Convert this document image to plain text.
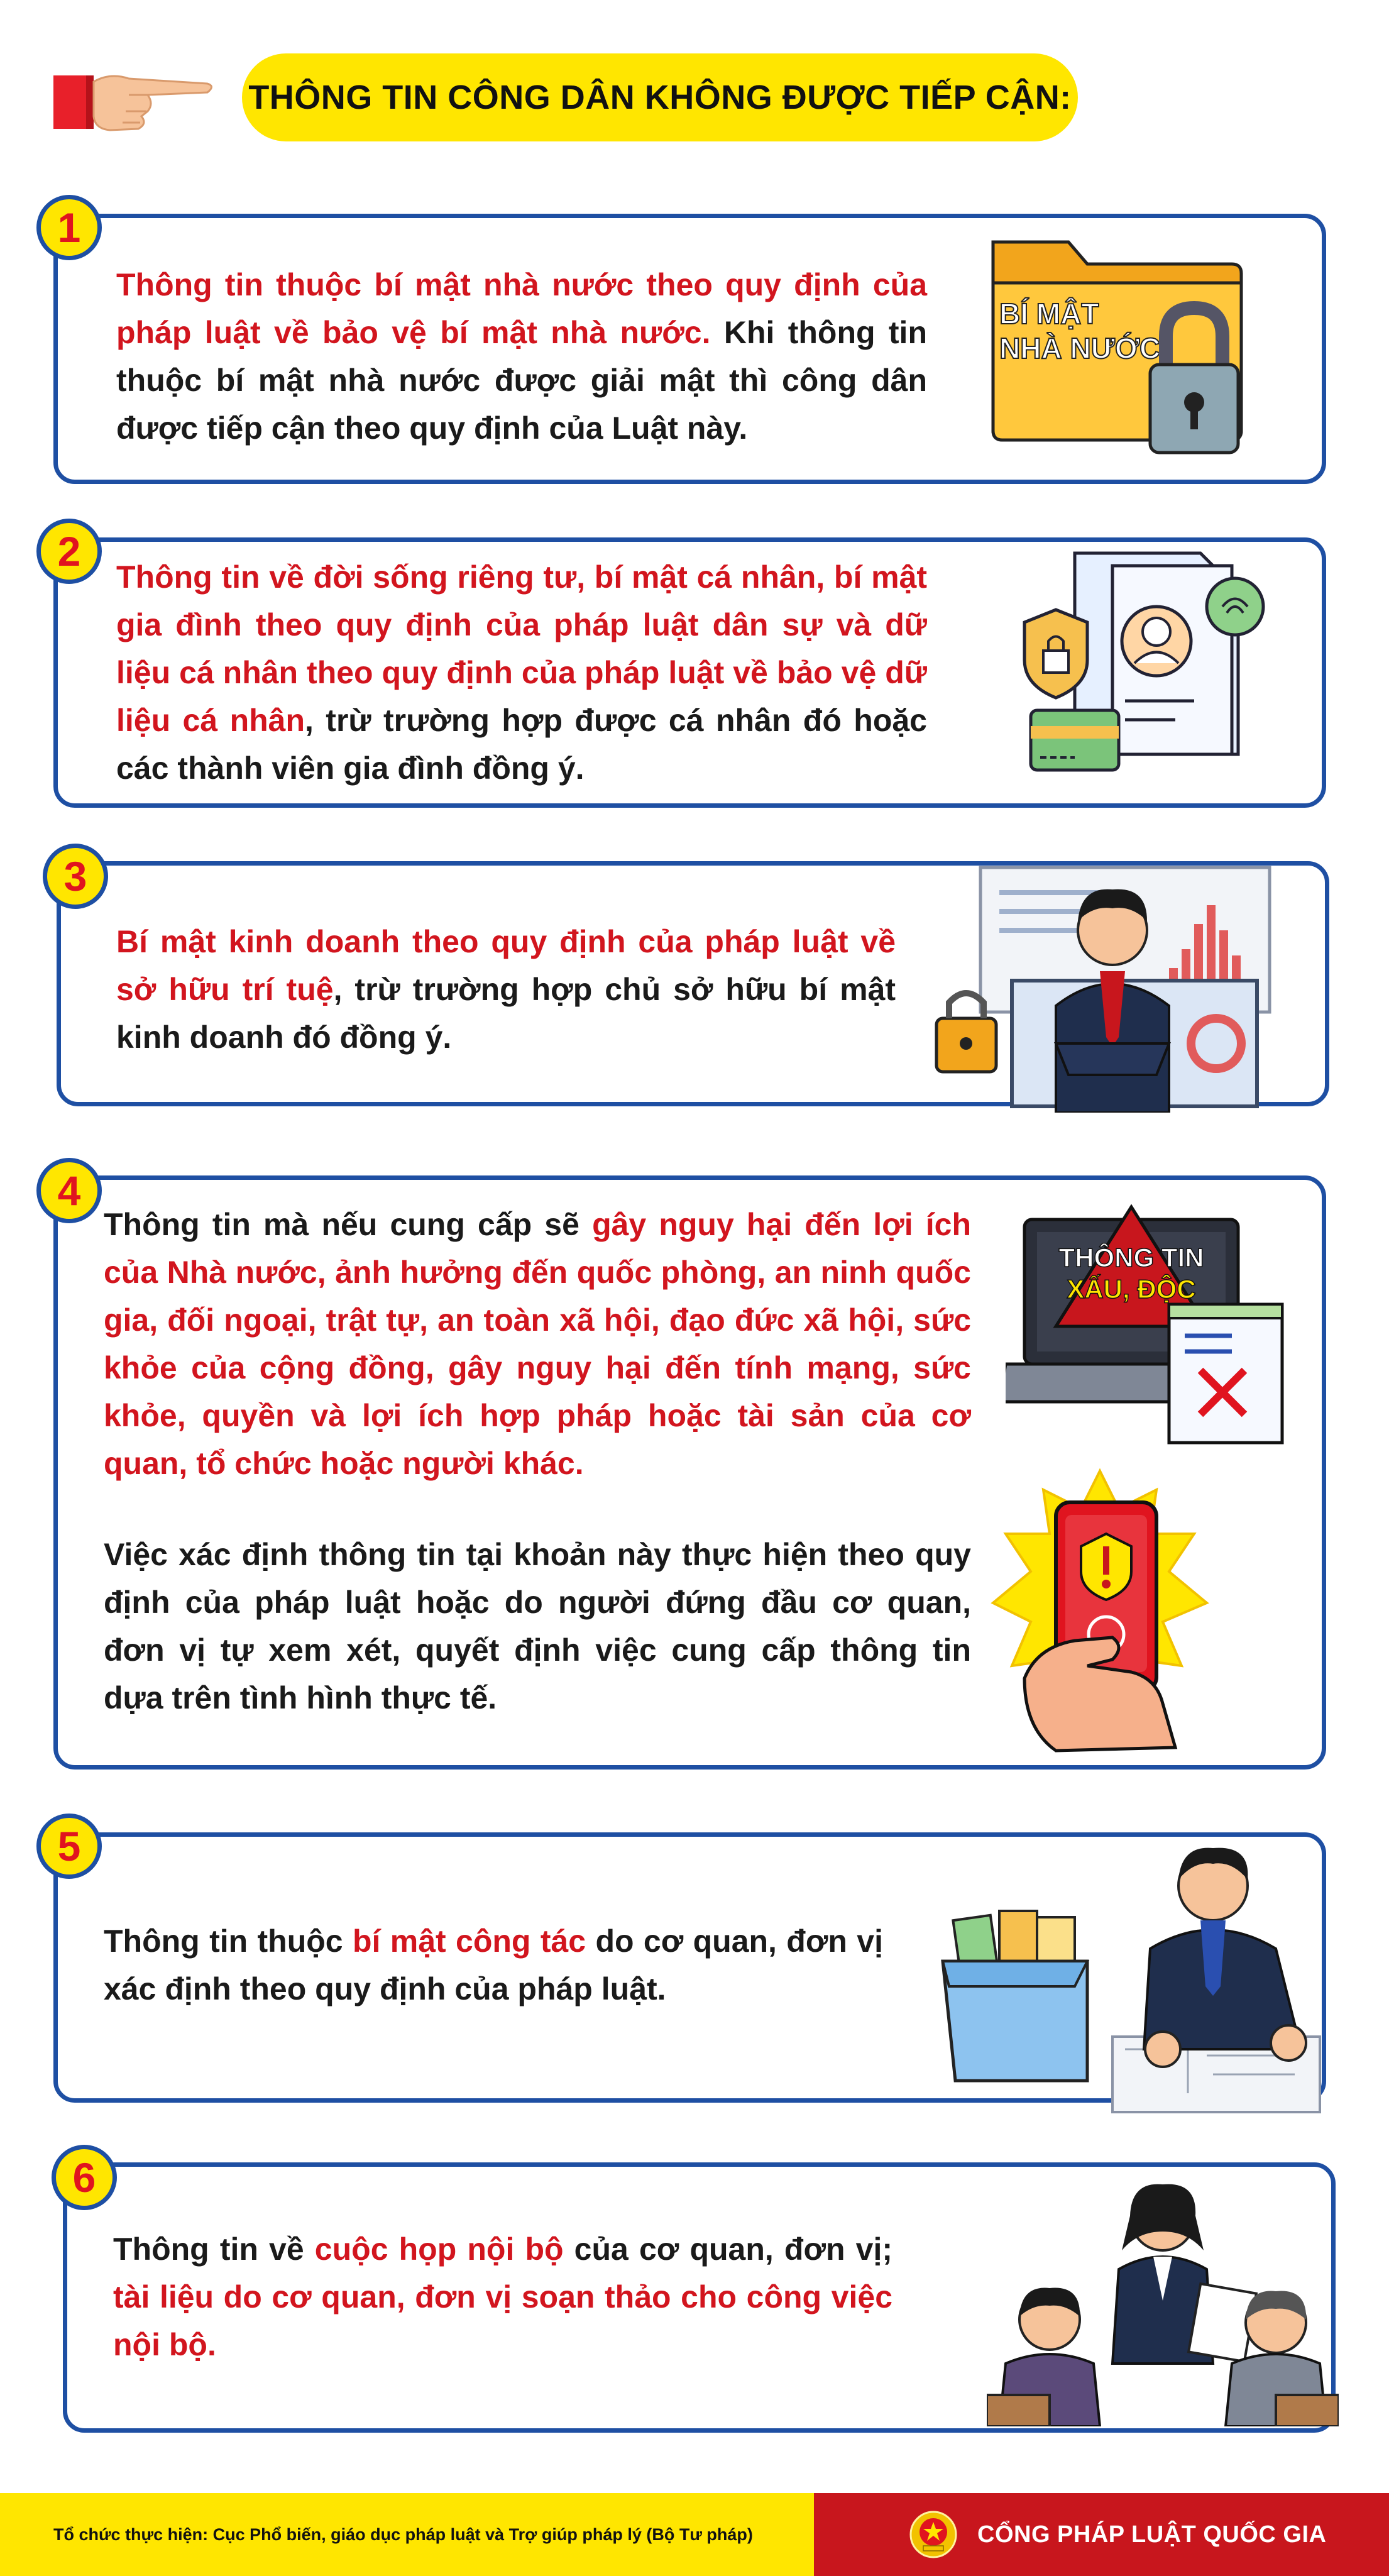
THÔNG TIN CÔNG DÂN KHÔNG ĐƯỢC TIẾP CẬN:
1
Thông tin thuộc bí mật nhà nước theo quy định của pháp luật về bảo vệ bí mật nhà nước. Khi thông tin thuộc bí mật nhà nước được giải mật thì công dân được tiếp cận theo quy định của Luật này.
BÍ MẬT
NHÀ NƯỚC
2
Thông tin về đời sống riêng tư, bí mật cá nhân, bí mật gia đình theo quy định của pháp luật dân sự và dữ liệu cá nhân theo quy định của pháp luật về bảo vệ dữ liệu cá nhân, trừ trường hợp được cá nhân đó hoặc các thành viên gia đình đồng ý.
3
Bí mật kinh doanh theo quy định của pháp luật về sở hữu trí tuệ, trừ trường hợp chủ sở hữu bí mật kinh doanh đó đồng ý.
4
Thông tin mà nếu cung cấp sẽ gây nguy hại đến lợi ích của Nhà nước, ảnh hưởng đến quốc phòng, an ninh quốc gia, đối ngoại, trật tự, an toàn xã hội, đạo đức xã hội, sức khỏe của cộng đồng, gây nguy hại đến tính mạng, sức khỏe, quyền và lợi ích hợp pháp hoặc tài sản của cơ quan, tổ chức hoặc người khác.
Việc xác định thông tin tại khoản này thực hiện theo quy định của pháp luật hoặc do người đứng đầu cơ quan, đơn vị tự xem xét, quyết định việc cung cấp thông tin dựa trên tình hình thực tế.
THÔNG TIN
XẤU, ĐỘC
5
Thông tin thuộc bí mật công tác do cơ quan, đơn vị xác định theo quy định của pháp luật.
6
Thông tin về cuộc họp nội bộ của cơ quan, đơn vị; tài liệu do cơ quan, đơn vị soạn thảo cho công việc nội bộ.
Tổ chức thực hiện: Cục Phổ biến, giáo dục pháp luật và Trợ giúp pháp lý (Bộ Tư pháp)	CỔNG PHÁP LUẬT QUỐC GIA
